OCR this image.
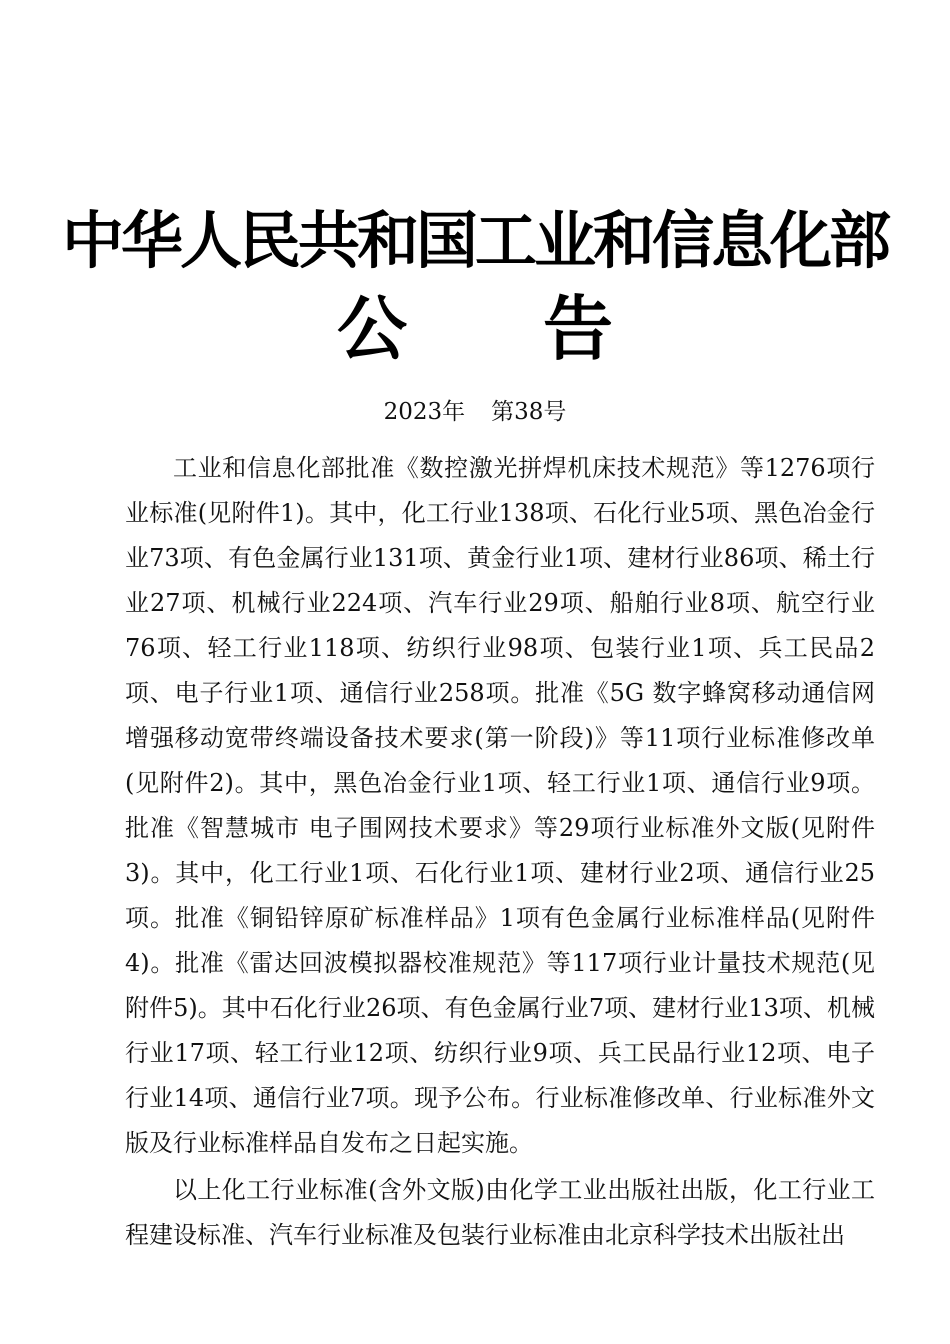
中华人民共和国工业和信息化部
公 告
2023年 第38号

工业和信息化部批准《数控激光拼焊机床技术规范》等1276项行业标准(见附件1)。其中，化工行业138项、石化行业5项、黑色冶金行业73项、有色金属行业131项、黄金行业1项、建材行业86项、稀土行业27项、机械行业224项、汽车行业29项、船舶行业8项、航空行业76项、轻工行业118项、纺织行业98项、包装行业1项、兵工民品2项、电子行业1项、通信行业258项。批准《5G 数字蜂窝移动通信网 增强移动宽带终端设备技术要求(第一阶段)》等11项行业标准修改单(见附件2)。其中，黑色冶金行业1项、轻工行业1项、通信行业9项。批准《智慧城市 电子围网技术要求》等29项行业标准外文版(见附件3)。其中，化工行业1项、石化行业1项、建材行业2项、通信行业25项。批准《铜铅锌原矿标准样品》1项有色金属行业标准样品(见附件4)。批准《雷达回波模拟器校准规范》等117项行业计量技术规范(见附件5)。其中石化行业26项、有色金属行业7项、建材行业13项、机械行业17项、轻工行业12项、纺织行业9项、兵工民品行业12项、电子行业14项、通信行业7项。现予公布。行业标准修改单、行业标准外文版及行业标准样品自发布之日起实施。

以上化工行业标准(含外文版)由化学工业出版社出版，化工行业工程建设标准、汽车行业标准及包装行业标准由北京科学技术出版社出
